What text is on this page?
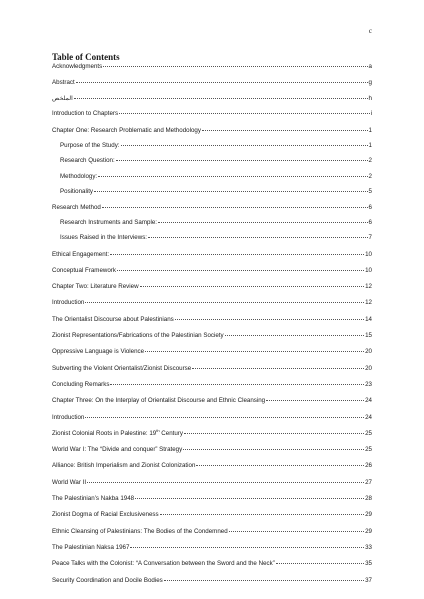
c
Table of Contents
Acknowledgments	a
Abstract	g
الملخص	h
Introduction to Chapters	i
Chapter One: Research Problematic and Methodology	1
Purpose of the Study:	1
Research Question:	2
Methodology:	2
Positionality	5
Research Method	6
Research Instruments and Sample:	6
Issues Raised in the Interviews:	7
Ethical Engagement:	10
Conceptual Framework	10
Chapter Two: Literature Review	12
Introduction	12
The Orientalist Discourse about Palestinians	14
Zionist Representations/Fabrications of the Palestinian Society	15
Oppressive Language is Violence	20
Subverting the Violent Orientalist/Zionist Discourse	20
Concluding Remarks	23
Chapter Three: On the Interplay of Orientalist Discourse and Ethnic Cleansing	24
Introduction	24
Zionist Colonial Roots in Palestine: 19th Century	25
World War I: The “Divide and conquer” Strategy	25
Alliance: British Imperialism and Zionist Colonization	26
World War II	27
The Palestinian’s Nakba 1948	28
Zionist Dogma of Racial Exclusiveness	29
Ethnic Cleansing of Palestinians: The Bodies of the Condemned	29
The Palestinian Naksa 1967	33
Peace Talks with the Colonist: “A Conversation between the Sword and the Neck”	35
Security Coordination and Docile Bodies	37
